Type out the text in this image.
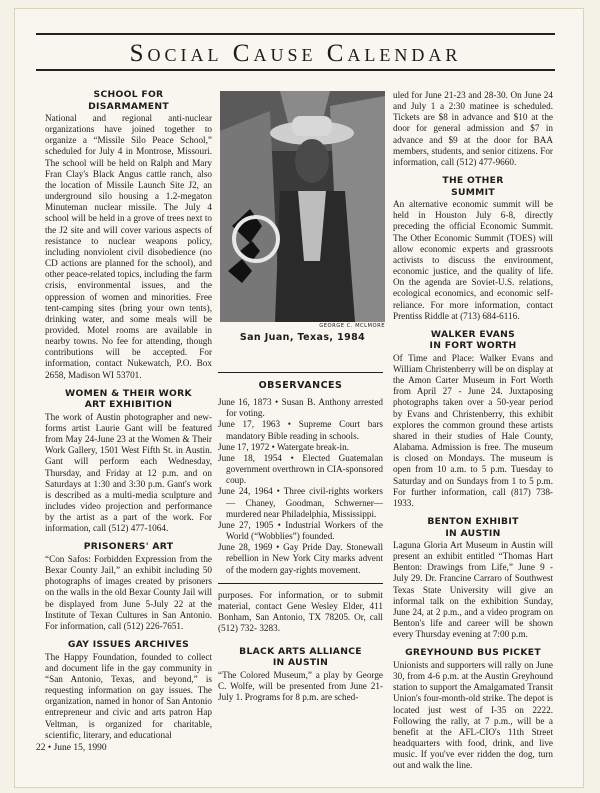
Social Cause Calendar
SCHOOL FOR
DISARMAMENT
National and regional anti-nuclear organizations have joined together to organize a “Missile Silo Peace School,” scheduled for July 4 in Montrose, Missouri. The school will be held on Ralph and Mary Fran Clay's Black Angus cattle ranch, also the location of Missile Launch Site J2, an underground silo housing a 1.2-megaton Minuteman nuclear missile. The July 4 school will be held in a grove of trees next to the J2 site and will cover various aspects of resistance to nuclear weapons policy, including nonviolent civil disobedience (no CD actions are planned for the school), and other peace-related topics, including the farm crisis, environmental issues, and the oppression of women and minorities. Free tent-camping sites (bring your own tents), drinking water, and some meals will be provided. Motel rooms are available in nearby towns. No fee for attending, though contributions will be accepted. For information, contact Nukewatch, P.O. Box 2658, Madison WI 53701.
WOMEN & THEIR WORK
ART EXHIBITION
The work of Austin photographer and new-forms artist Laurie Gant will be featured from May 24-June 23 at the Women & Their Work Gallery, 1501 West Fifth St. in Austin. Gant will perform each Wednesday, Thursday, and Friday at 12 p.m. and on Saturdays at 1:30 and 3:30 p.m. Gant's work is described as a multi-media sculpture and includes video projection and performance by the artist as a part of the work. For information, call (512) 477-1064.
PRISONERS' ART
“Con Safos: Forbidden Expression from the Bexar County Jail,” an exhibit including 50 photographs of images created by prisoners on the walls in the old Bexar County Jail will be displayed from June 5-July 22 at the Institute of Texan Cultures in San Antonio. For information, call (512) 226-7651.
GAY ISSUES ARCHIVES
The Happy Foundation, founded to collect and document life in the gay community in “San Antonio, Texas, and beyond,” is requesting information on gay issues. The organization, named in honor of San Antonio entrepreneur and civic and arts patron Hap Veltman, is organized for charitable, scientific, literary, and educational
GEORGE C. MCLMORE
San Juan, Texas, 1984
OBSERVANCES
June 16, 1873 • Susan B. Anthony arrested for voting.
June 17, 1963 • Supreme Court bars mandatory Bible reading in schools.
June 17, 1972 • Watergate break-in.
June 18, 1954 • Elected Guatemalan government overthrown in CIA-sponsored coup.
June 24, 1964 • Three civil-rights workers — Chaney, Goodman, Schwerner—murdered near Philadelphia, Mississippi.
June 27, 1905 • Industrial Workers of the World (“Wobblies”) founded.
June 28, 1969 • Gay Pride Day. Stonewall rebellion in New York City marks advent of the modern gay-rights movement.
purposes. For information, or to submit material, contact Gene Wesley Elder, 411 Bonham, San Antonio, TX 78205. Or, call (512) 732- 3283.
BLACK ARTS ALLIANCE
IN AUSTIN
“The Colored Museum,” a play by George C. Wolfe, will be presented from June 21-July 1. Programs for 8 p.m. are sched-
uled for June 21-23 and 28-30. On June 24 and July 1 a 2:30 matinee is scheduled. Tickets are $8 in advance and $10 at the door for general admission and $7 in advance and $9 at the door for BAA members, students, and senior citizens. For information, call (512) 477-9660.
THE OTHER
SUMMIT
An alternative economic summit will be held in Houston July 6-8, directly preceding the official Economic Summit. The Other Economic Summit (TOES) will allow economic experts and grassroots activists to discuss the environment, economic justice, and the quality of life. On the agenda are Soviet-U.S. relations, ecological economics, and economic self-reliance. For more information, contact Prentiss Riddle at (713) 684-6116.
WALKER EVANS
IN FORT WORTH
Of Time and Place: Walker Evans and William Christenberry will be on display at the Amon Carter Museum in Fort Worth from April 27 - June 24. Juxtaposing photographs taken over a 50-year period by Evans and Christenberry, this exhibit explores the common ground these artists shared in their studies of Hale County, Alabama. Admission is free. The museum is closed on Mondays. The museum is open from 10 a.m. to 5 p.m. Tuesday to Saturday and on Sundays from 1 to 5 p.m. For further information, call (817) 738-1933.
BENTON EXHIBIT
IN AUSTIN
Laguna Gloria Art Museum in Austin will present an exhibit entitled “Thomas Hart Benton: Drawings from Life,” June 9 - July 29. Dr. Francine Carraro of Southwest Texas State University will give an informal talk on the exhibition Sunday, June 24, at 2 p.m., and a video program on Benton's life and career will be shown every Thursday evening at 7:00 p.m.
GREYHOUND BUS PICKET
Unionists and supporters will rally on June 30, from 4-6 p.m. at the Austin Greyhound station to support the Amalgamated Transit Union's four-month-old strike. The depot is located just west of I-35 on 2222. Following the rally, at 7 p.m., will be a benefit at the AFL-CIO's 11th Street headquarters with food, drink, and live music. If you've ever ridden the dog, turn out and walk the line.
22 • June 15, 1990
